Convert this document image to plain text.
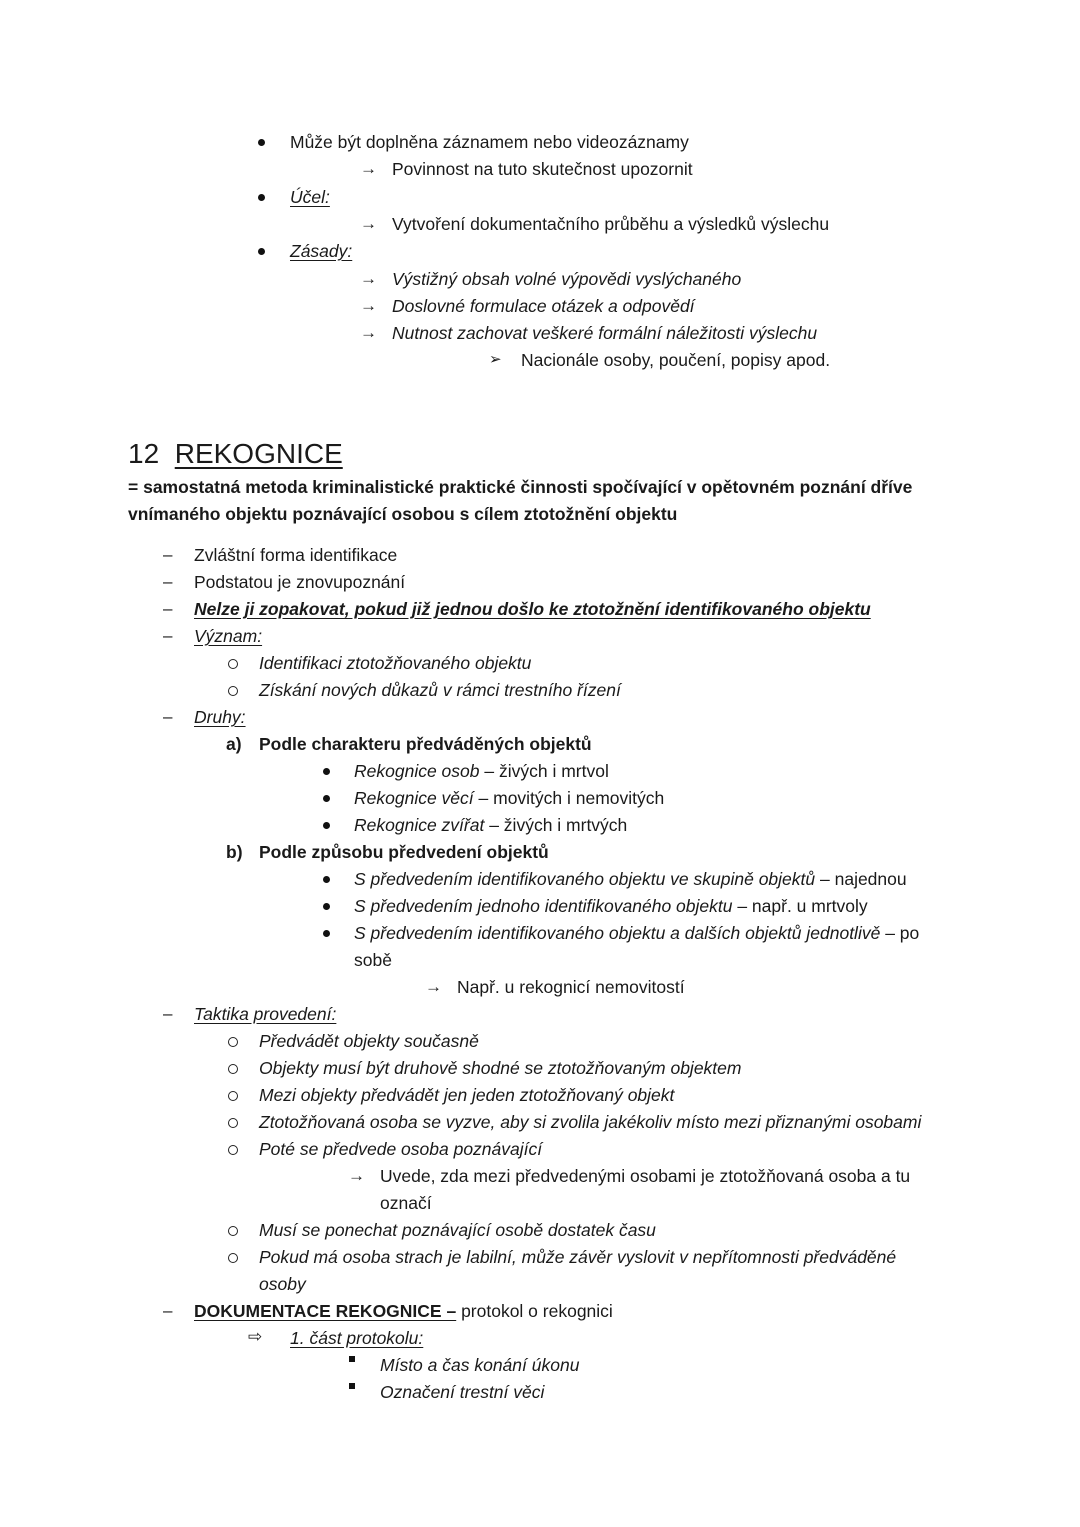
Může být doplněna záznamem nebo videozáznamy
→ Povinnost na tuto skutečnost upozornit
Účel:
→ Vytvoření dokumentačního průběhu a výsledků výslechu
Zásady:
→ Výstižný obsah volné výpovědi vyslýchaného
→ Doslovné formulace otázek a odpovědí
→ Nutnost zachovat veškeré formální náležitosti výslechu
➢ Nacionále osoby, poučení, popisy apod.
12 REKOGNICE
= samostatná metoda kriminalistické praktické činnosti spočívající v opětovném poznání dříve vnímaného objektu poznávající osobou s cílem ztotožnění objektu
– Zvláštní forma identifikace
– Podstatou je znovupoznání
– Nelze ji zopakovat, pokud již jednou došlo ke ztotožnění identifikovaného objektu
– Význam:
Identifikaci ztotožňovaného objektu
Získání nových důkazů v rámci trestního řízení
– Druhy:
a) Podle charakteru předváděných objektů
Rekognice osob – živých i mrtvol
Rekognice věcí – movitých i nemovitých
Rekognice zvířat – živých i mrtvých
b) Podle způsobu předvedení objektů
S předvedením identifikovaného objektu ve skupině objektů – najednou
S předvedením jednoho identifikovaného objektu – např. u mrtvoly
S předvedením identifikovaného objektu a dalších objektů jednotlivě – po
sobě
→ Např. u rekognicí nemovitostí
– Taktika provedení:
Předvádět objekty současně
Objekty musí být druhově shodné se ztotožňovaným objektem
Mezi objekty předvádět jen jeden ztotožňovaný objekt
Ztotožňovaná osoba se vyzve, aby si zvolila jakékoliv místo mezi přiznanými osobami
Poté se předvede osoba poznávající
→ Uvede, zda mezi předvedenými osobami je ztotožňovaná osoba a tu
označí
Musí se ponechat poznávající osobě dostatek času
Pokud má osoba strach je labilní, může závěr vyslovit v nepřítomnosti předváděné
osoby
– DOKUMENTACE REKOGNICE – protokol o rekognici
⇨ 1. část protokolu:
Místo a čas konání úkonu
Označení trestní věci
